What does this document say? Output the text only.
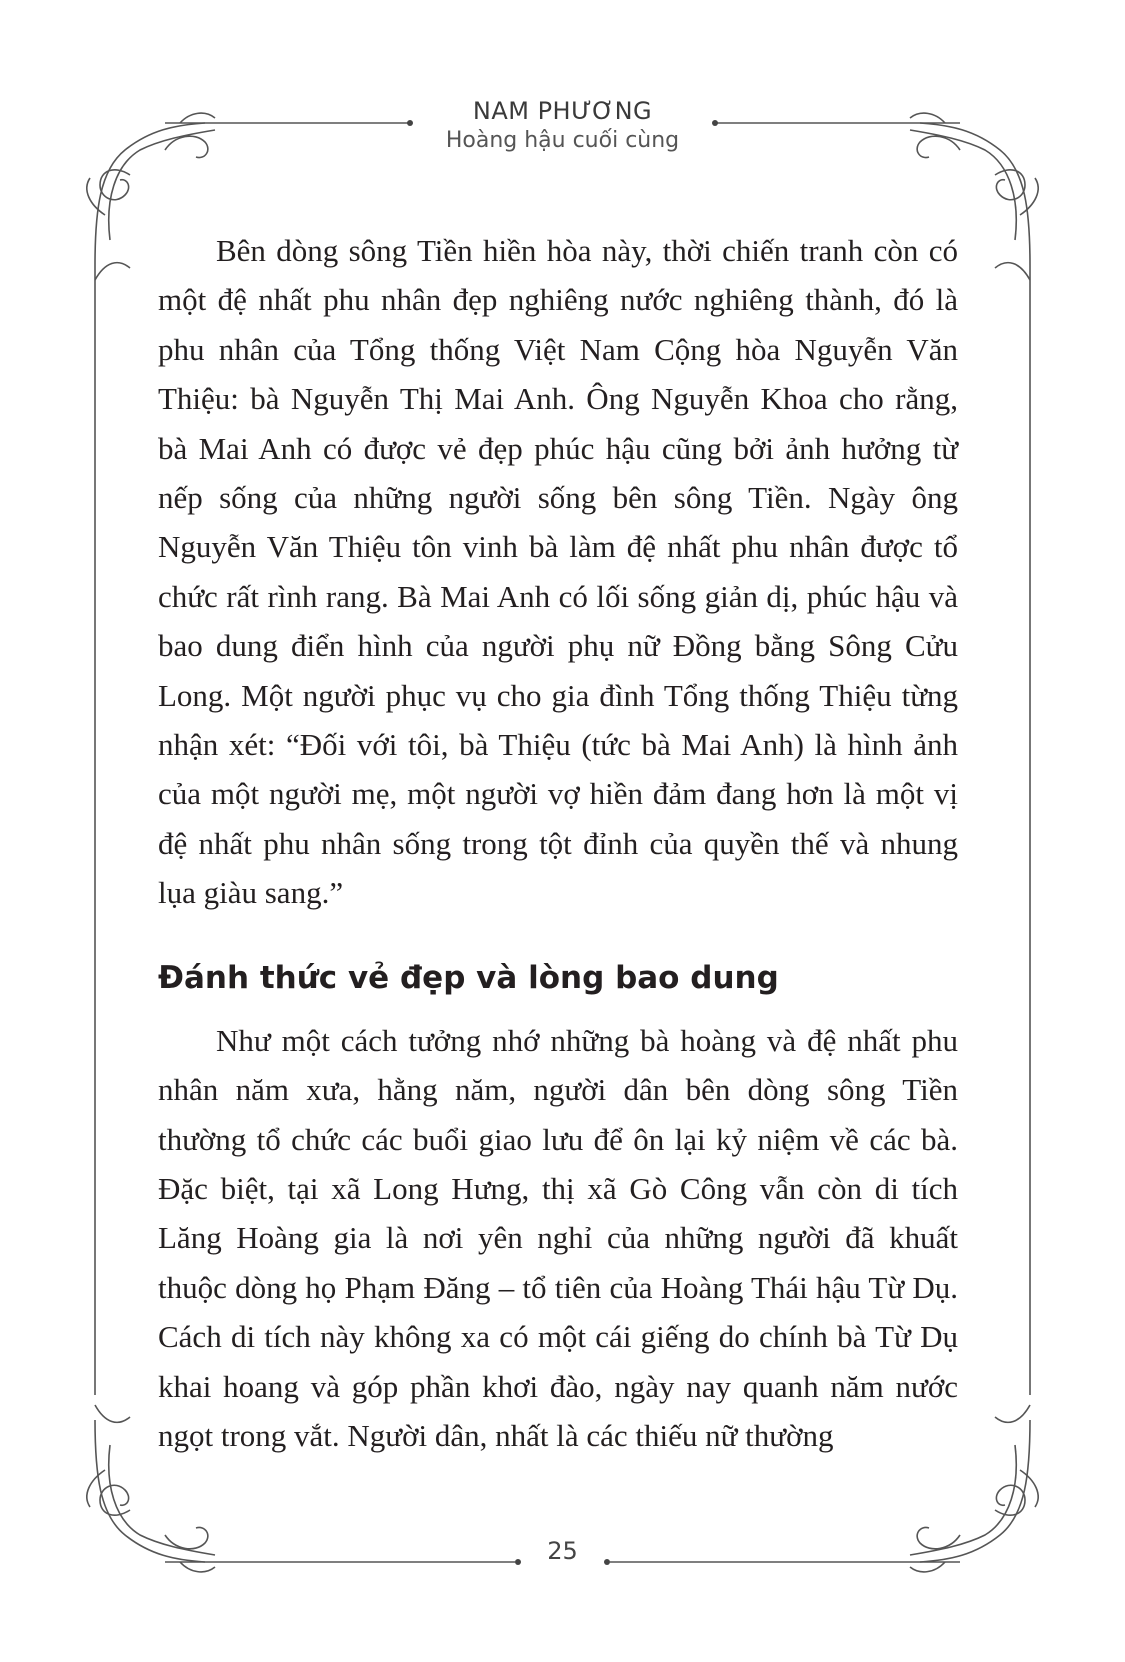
NAM PHƯƠNG
Hoàng hậu cuối cùng

Bên dòng sông Tiền hiền hòa này, thời chiến tranh còn có một đệ nhất phu nhân đẹp nghiêng nước nghiêng thành, đó là phu nhân của Tổng thống Việt Nam Cộng hòa Nguyễn Văn Thiệu: bà Nguyễn Thị Mai Anh. Ông Nguyễn Khoa cho rằng, bà Mai Anh có được vẻ đẹp phúc hậu cũng bởi ảnh hưởng từ nếp sống của những người sống bên sông Tiền. Ngày ông Nguyễn Văn Thiệu tôn vinh bà làm đệ nhất phu nhân được tổ chức rất rình rang. Bà Mai Anh có lối sống giản dị, phúc hậu và bao dung điển hình của người phụ nữ Đồng bằng Sông Cửu Long. Một người phục vụ cho gia đình Tổng thống Thiệu từng nhận xét: “Đối với tôi, bà Thiệu (tức bà Mai Anh) là hình ảnh của một người mẹ, một người vợ hiền đảm đang hơn là một vị đệ nhất phu nhân sống trong tột đỉnh của quyền thế và nhung lụa giàu sang.”

Đánh thức vẻ đẹp và lòng bao dung

Như một cách tưởng nhớ những bà hoàng và đệ nhất phu nhân năm xưa, hằng năm, người dân bên dòng sông Tiền thường tổ chức các buổi giao lưu để ôn lại kỷ niệm về các bà. Đặc biệt, tại xã Long Hưng, thị xã Gò Công vẫn còn di tích Lăng Hoàng gia là nơi yên nghỉ của những người đã khuất thuộc dòng họ Phạm Đăng – tổ tiên của Hoàng Thái hậu Từ Dụ. Cách di tích này không xa có một cái giếng do chính bà Từ Dụ khai hoang và góp phần khơi đào, ngày nay quanh năm nước ngọt trong vắt. Người dân, nhất là các thiếu nữ thường

25
